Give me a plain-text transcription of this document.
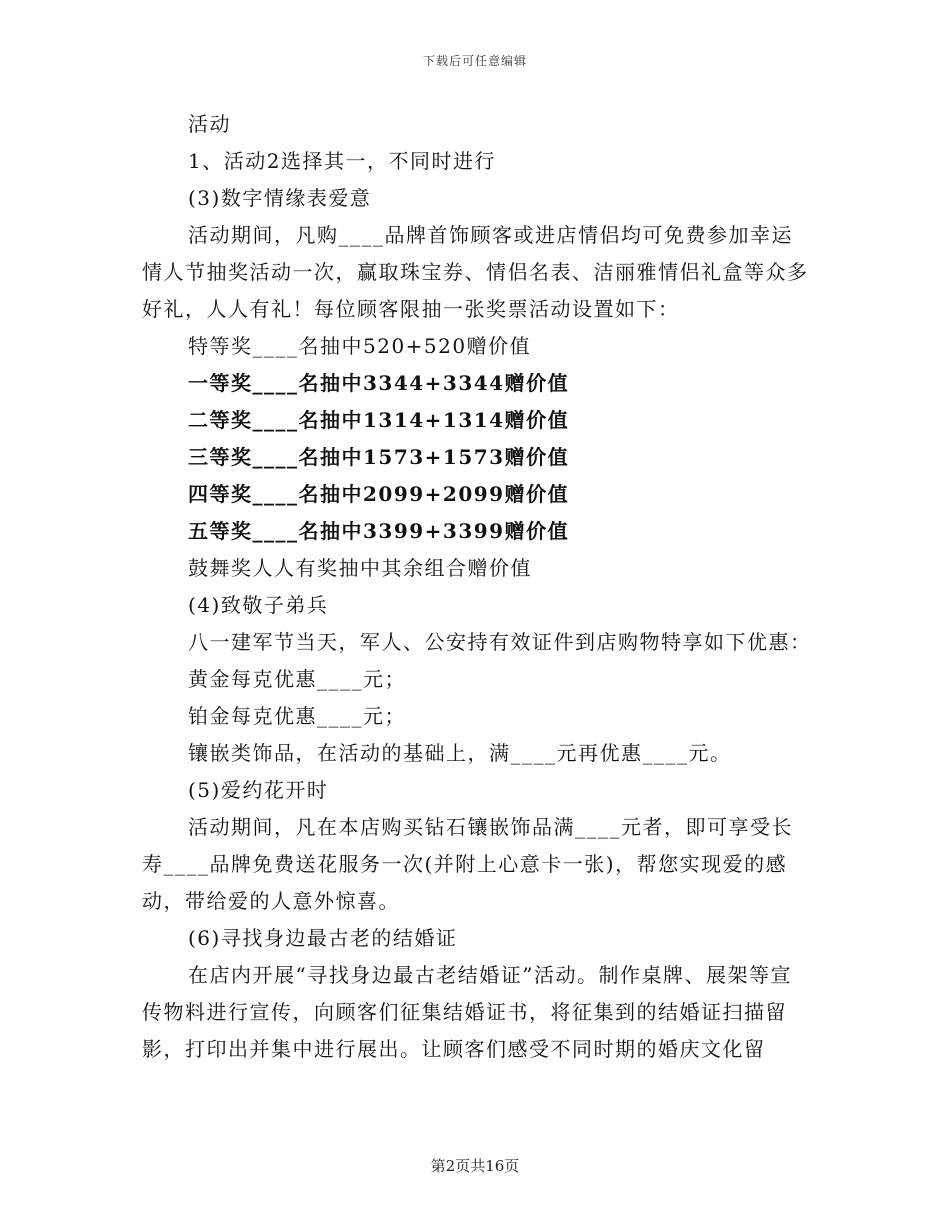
下载后可任意编辑

活动

1、活动2选择其一，不同时进行

(3)数字情缘表爱意

活动期间，凡购____品牌首饰顾客或进店情侣均可免费参加幸运情人节抽奖活动一次，赢取珠宝券、情侣名表、洁丽雅情侣礼盒等众多好礼，人人有礼！每位顾客限抽一张奖票活动设置如下：

特等奖____名抽中520+520赠价值

一等奖____名抽中3344+3344赠价值

二等奖____名抽中1314+1314赠价值

三等奖____名抽中1573+1573赠价值

四等奖____名抽中2099+2099赠价值

五等奖____名抽中3399+3399赠价值

鼓舞奖人人有奖抽中其余组合赠价值

(4)致敬子弟兵

八一建军节当天，军人、公安持有效证件到店购物特享如下优惠：

黄金每克优惠____元；

铂金每克优惠____元；

镶嵌类饰品，在活动的基础上，满____元再优惠____元。

(5)爱约花开时

活动期间，凡在本店购买钻石镶嵌饰品满____元者，即可享受长寿____品牌免费送花服务一次(并附上心意卡一张)，帮您实现爱的感动，带给爱的人意外惊喜。

(6)寻找身边最古老的结婚证

在店内开展“寻找身边最古老结婚证”活动。制作桌牌、展架等宣传物料进行宣传，向顾客们征集结婚证书，将征集到的结婚证扫描留影，打印出并集中进行展出。让顾客们感受不同时期的婚庆文化留

第2页共16页
